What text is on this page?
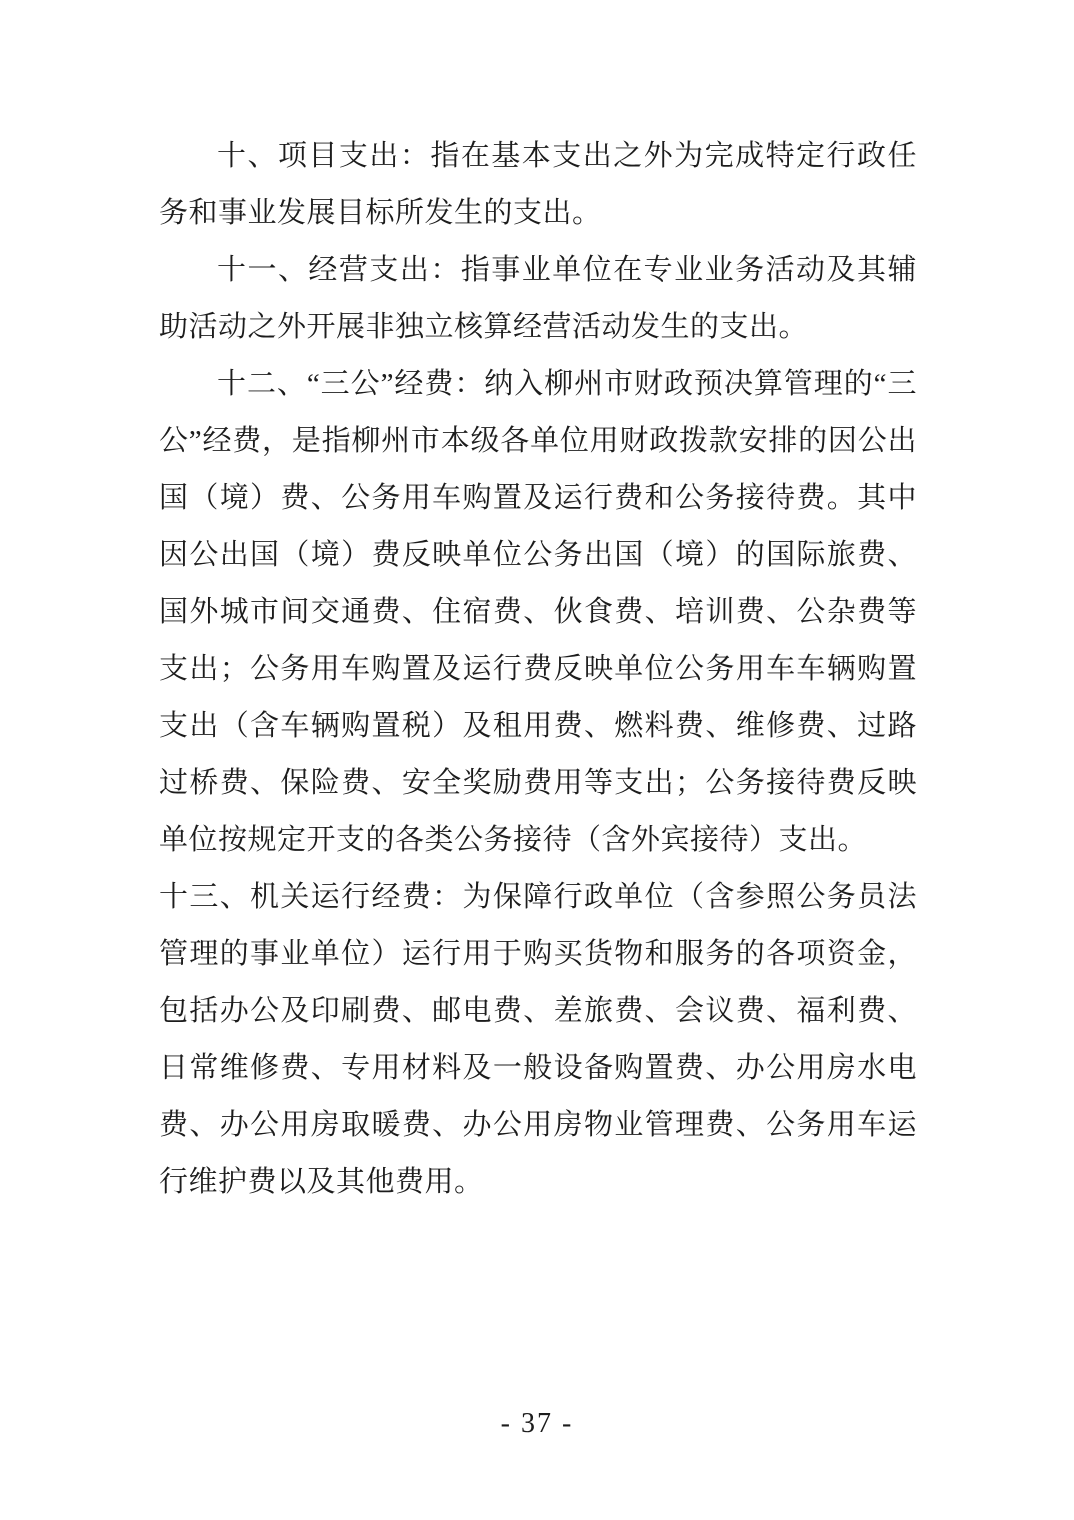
十、项目支出：指在基本支出之外为完成特定行政任务和事业发展目标所发生的支出。

十一、经营支出：指事业单位在专业业务活动及其辅助活动之外开展非独立核算经营活动发生的支出。

十二、“三公”经费：纳入柳州市财政预决算管理的“三公”经费，是指柳州市本级各单位用财政拨款安排的因公出国（境）费、公务用车购置及运行费和公务接待费。其中因公出国（境）费反映单位公务出国（境）的国际旅费、国外城市间交通费、住宿费、伙食费、培训费、公杂费等支出；公务用车购置及运行费反映单位公务用车车辆购置支出（含车辆购置税）及租用费、燃料费、维修费、过路过桥费、保险费、安全奖励费用等支出；公务接待费反映单位按规定开支的各类公务接待（含外宾接待）支出。

十三、机关运行经费：为保障行政单位（含参照公务员法管理的事业单位）运行用于购买货物和服务的各项资金，包括办公及印刷费、邮电费、差旅费、会议费、福利费、日常维修费、专用材料及一般设备购置费、办公用房水电费、办公用房取暖费、办公用房物业管理费、公务用车运行维护费以及其他费用。

- 37 -
